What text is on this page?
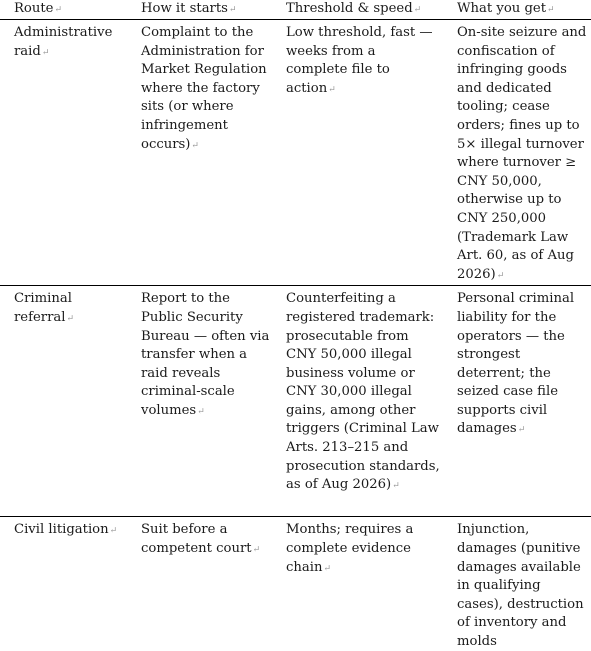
Route↵	How it starts↵	Threshold & speed↵	What you get↵
Administrative raid↵	Complaint to the Administration for Market Regulation where the factory sits (or where infringement occurs)↵	Low threshold, fast — weeks from a complete file to action↵	On-site seizure and confiscation of infringing goods and dedicated tooling; cease orders; fines up to 5× illegal turnover where turnover ≥ CNY 50,000, otherwise up to CNY 250,000 (Trademark Law Art. 60, as of Aug 2026)↵
Criminal referral↵	Report to the Public Security Bureau — often via transfer when a raid reveals criminal-scale volumes↵	Counterfeiting a registered trademark: prosecutable from CNY 50,000 illegal business volume or CNY 30,000 illegal gains, among other triggers (Criminal Law Arts. 213–215 and prosecution standards, as of Aug 2026)↵	Personal criminal liability for the operators — the strongest deterrent; the seized case file supports civil damages↵
Civil litigation↵	Suit before a competent court↵	Months; requires a complete evidence chain↵	Injunction, damages (punitive damages available in qualifying cases), destruction of inventory and molds
